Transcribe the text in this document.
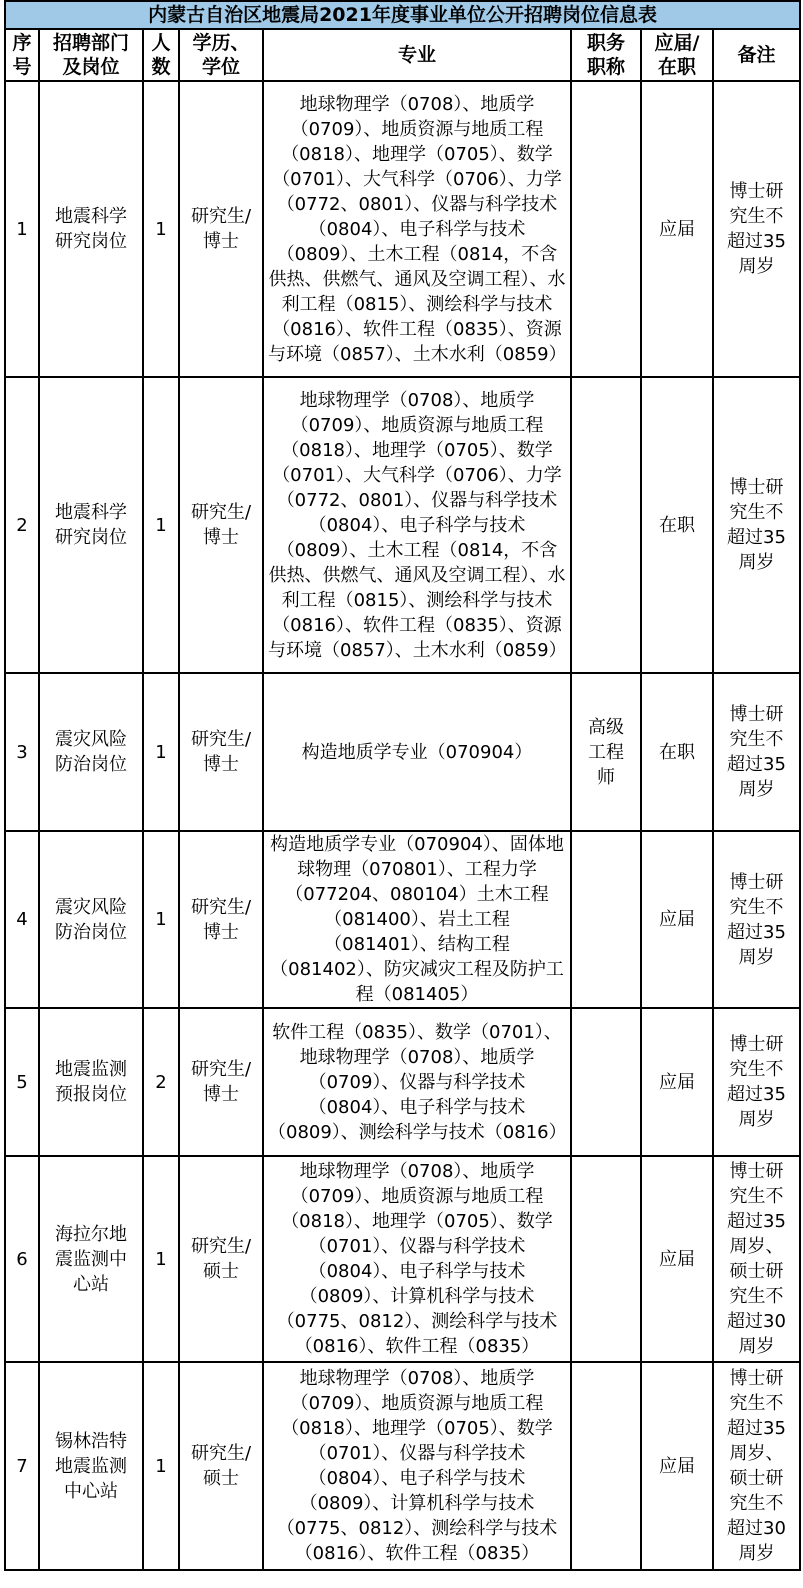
内蒙古自治区地震局2021年度事业单位公开招聘岗位信息表							
序号	招聘部门及岗位	人数	学历、学位	专业	职务职称	应届/在职	备注
1	地震科学研究岗位	1	研究生/博士	地球物理学（0708）、地质学（0709）、地质资源与地质工程（0818）、地理学（0705）、数学（0701）、大气科学（0706）、力学（0772、0801）、仪器与科学技术（0804）、电子科学与技术（0809）、土木工程（0814，不含供热、供燃气、通风及空调工程）、水利工程（0815）、测绘科学与技术（0816）、软件工程（0835）、资源与环境（0857）、土木水利（0859）		应届	博士研究生不超过35周岁
2	地震科学研究岗位	1	研究生/博士	地球物理学（0708）、地质学（0709）、地质资源与地质工程（0818）、地理学（0705）、数学（0701）、大气科学（0706）、力学（0772、0801）、仪器与科学技术（0804）、电子科学与技术（0809）、土木工程（0814，不含供热、供燃气、通风及空调工程）、水利工程（0815）、测绘科学与技术（0816）、软件工程（0835）、资源与环境（0857）、土木水利（0859）		在职	博士研究生不超过35周岁
3	震灾风险防治岗位	1	研究生/博士	构造地质学专业（070904）	高级工程师	在职	博士研究生不超过35周岁
4	震灾风险防治岗位	1	研究生/博士	构造地质学专业（070904）、固体地球物理（070801）、工程力学（077204、080104）土木工程（081400）、岩土工程（081401）、结构工程（081402）、防灾减灾工程及防护工程（081405）		应届	博士研究生不超过35周岁
5	地震监测预报岗位	2	研究生/博士	软件工程（0835）、数学（0701）、地球物理学（0708）、地质学（0709）、仪器与科学技术（0804）、电子科学与技术（0809）、测绘科学与技术（0816）		应届	博士研究生不超过35周岁
6	海拉尔地震监测中心站	1	研究生/硕士	地球物理学（0708）、地质学（0709）、地质资源与地质工程（0818）、地理学（0705）、数学（0701）、仪器与科学技术（0804）、电子科学与技术（0809）、计算机科学与技术（0775、0812）、测绘科学与技术（0816）、软件工程（0835）		应届	博士研究生不超过35周岁、硕士研究生不超过30周岁
7	锡林浩特地震监测中心站	1	研究生/硕士	地球物理学（0708）、地质学（0709）、地质资源与地质工程（0818）、地理学（0705）、数学（0701）、仪器与科学技术（0804）、电子科学与技术（0809）、计算机科学与技术（0775、0812）、测绘科学与技术（0816）、软件工程（0835）		应届	博士研究生不超过35周岁、硕士研究生不超过30周岁
